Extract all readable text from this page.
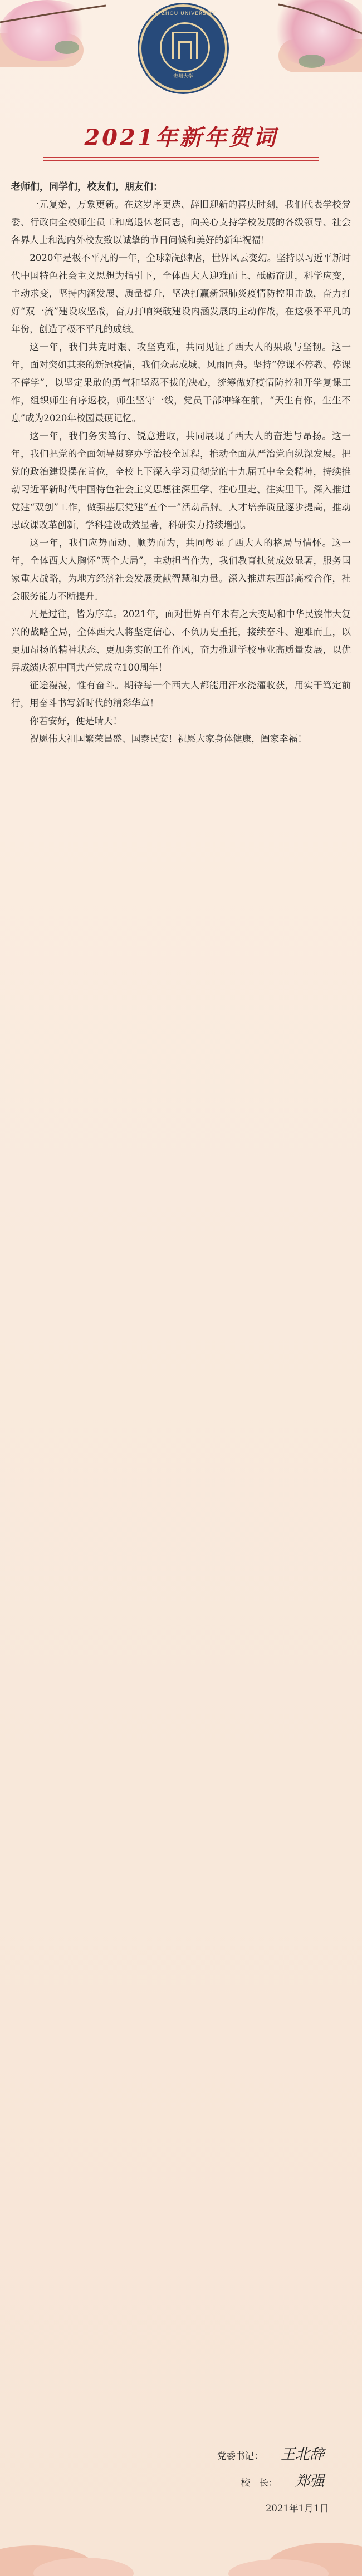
GUIZHOU UNIVERSITY
贵州大学
2021年新年贺词

老师们，同学们，校友们，朋友们：

一元复始，万象更新。在这岁序更迭、辞旧迎新的喜庆时刻，我们代表学校党委、行政向全校师生员工和离退休老同志，向关心支持学校发展的各级领导、社会各界人士和海内外校友致以诚挚的节日问候和美好的新年祝福！

2020年是极不平凡的一年，全球新冠肆虐，世界风云变幻。坚持以习近平新时代中国特色社会主义思想为指引下，全体西大人迎难而上、砥砺奋进，科学应变，主动求变，坚持内涵发展、质量提升，坚决打赢新冠肺炎疫情防控阻击战，奋力打好“双一流”建设攻坚战，奋力打响突破建设内涵发展的主动作战，在这极不平凡的年份，创造了极不平凡的成绩。

这一年，我们共克时艰、攻坚克难，共同见证了西大人的果敢与坚韧。这一年，面对突如其来的新冠疫情，我们众志成城、风雨同舟。坚持“停课不停教、停课不停学”，以坚定果敢的勇气和坚忍不拔的决心，统筹做好疫情防控和开学复课工作，组织师生有序返校，师生坚守一线，党员干部冲锋在前，“天生有你，生生不息”成为2020年校园最硬记忆。

这一年，我们务实笃行、锐意进取，共同展现了西大人的奋进与昂扬。这一年，我们把党的全面领导贯穿办学治校全过程，推动全面从严治党向纵深发展。把党的政治建设摆在首位，全校上下深入学习贯彻党的十九届五中全会精神，持续推动习近平新时代中国特色社会主义思想往深里学、往心里走、往实里干。深入推进党建“双创”工作，做强基层党建“五个一”活动品牌。人才培养质量逐步提高，推动思政课改革创新，学科建设成效显著，科研实力持续增强。

这一年，我们应势而动、顺势而为，共同彰显了西大人的格局与情怀。这一年，全体西大人胸怀“两个大局”，主动担当作为，我们教育扶贫成效显著，服务国家重大战略，为地方经济社会发展贡献智慧和力量。深入推进东西部高校合作，社会服务能力不断提升。

凡是过往，皆为序章。2021年，面对世界百年未有之大变局和中华民族伟大复兴的战略全局，全体西大人将坚定信心、不负历史重托，接续奋斗、迎难而上，以更加昂扬的精神状态、更加务实的工作作风，奋力推进学校事业高质量发展，以优异成绩庆祝中国共产党成立100周年！

征途漫漫，惟有奋斗。期待每一个西大人都能用汗水浇灌收获，用实干笃定前行，用奋斗书写新时代的精彩华章！

你若安好，便是晴天！

祝愿伟大祖国繁荣昌盛、国泰民安！祝愿大家身体健康，阖家幸福！

党委书记： 王北辞
校　长： 郑强
2021年1月1日
